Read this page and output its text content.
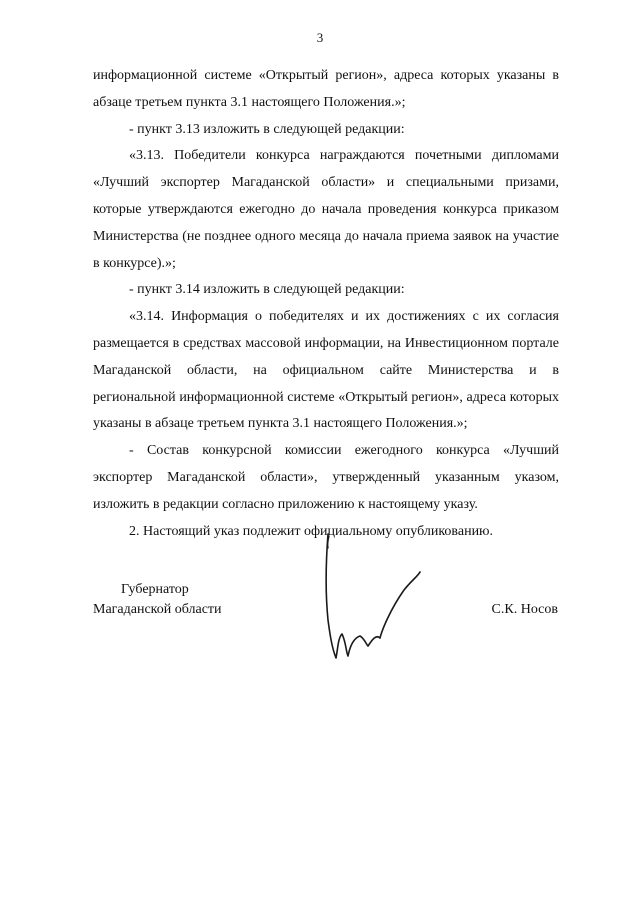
3

информационной системе «Открытый регион», адреса которых указаны в абзаце третьем пункта 3.1 настоящего Положения.»;

- пункт 3.13 изложить в следующей редакции:

«3.13. Победители конкурса награждаются почетными дипломами «Лучший экспортер Магаданской области» и специальными призами, которые утверждаются ежегодно до начала проведения конкурса приказом Министерства (не позднее одного месяца до начала приема заявок на участие в конкурсе).»;

- пункт 3.14 изложить в следующей редакции:

«3.14. Информация о победителях и их достижениях с их согласия размещается в средствах массовой информации, на Инвестиционном портале Магаданской области, на официальном сайте Министерства и в региональной информационной системе «Открытый регион», адреса которых указаны в абзаце третьем пункта 3.1 настоящего Положения.»;

- Состав конкурсной комиссии ежегодного конкурса «Лучший экспортер Магаданской области», утвержденный указанным указом, изложить в редакции согласно приложению к настоящему указу.

2. Настоящий указ подлежит официальному опубликованию.

Губернатор
Магаданской области	С.К. Носов
